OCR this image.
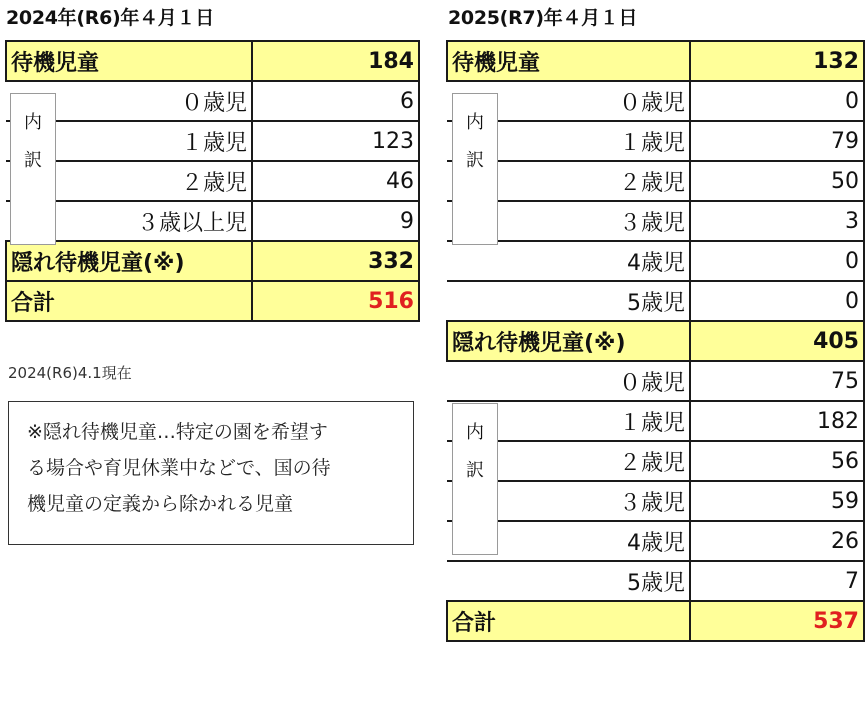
2024年(R6)年４月１日
待機児童	184
０歳児	6
１歳児	123
２歳児	46
３歳以上児	9
隠れ待機児童(※)	332
合計	516
内
訳
2024(R6)4.1現在
※隠れ待機児童…特定の園を希望す
る場合や育児休業中などで、国の待
機児童の定義から除かれる児童
2025(R7)年４月１日
待機児童	132
０歳児	0
１歳児	79
２歳児	50
３歳児	3
4歳児	0
5歳児	0
隠れ待機児童(※)	405
０歳児	75
１歳児	182
２歳児	56
３歳児	59
4歳児	26
5歳児	7
合計	537
内
訳
内
訳
